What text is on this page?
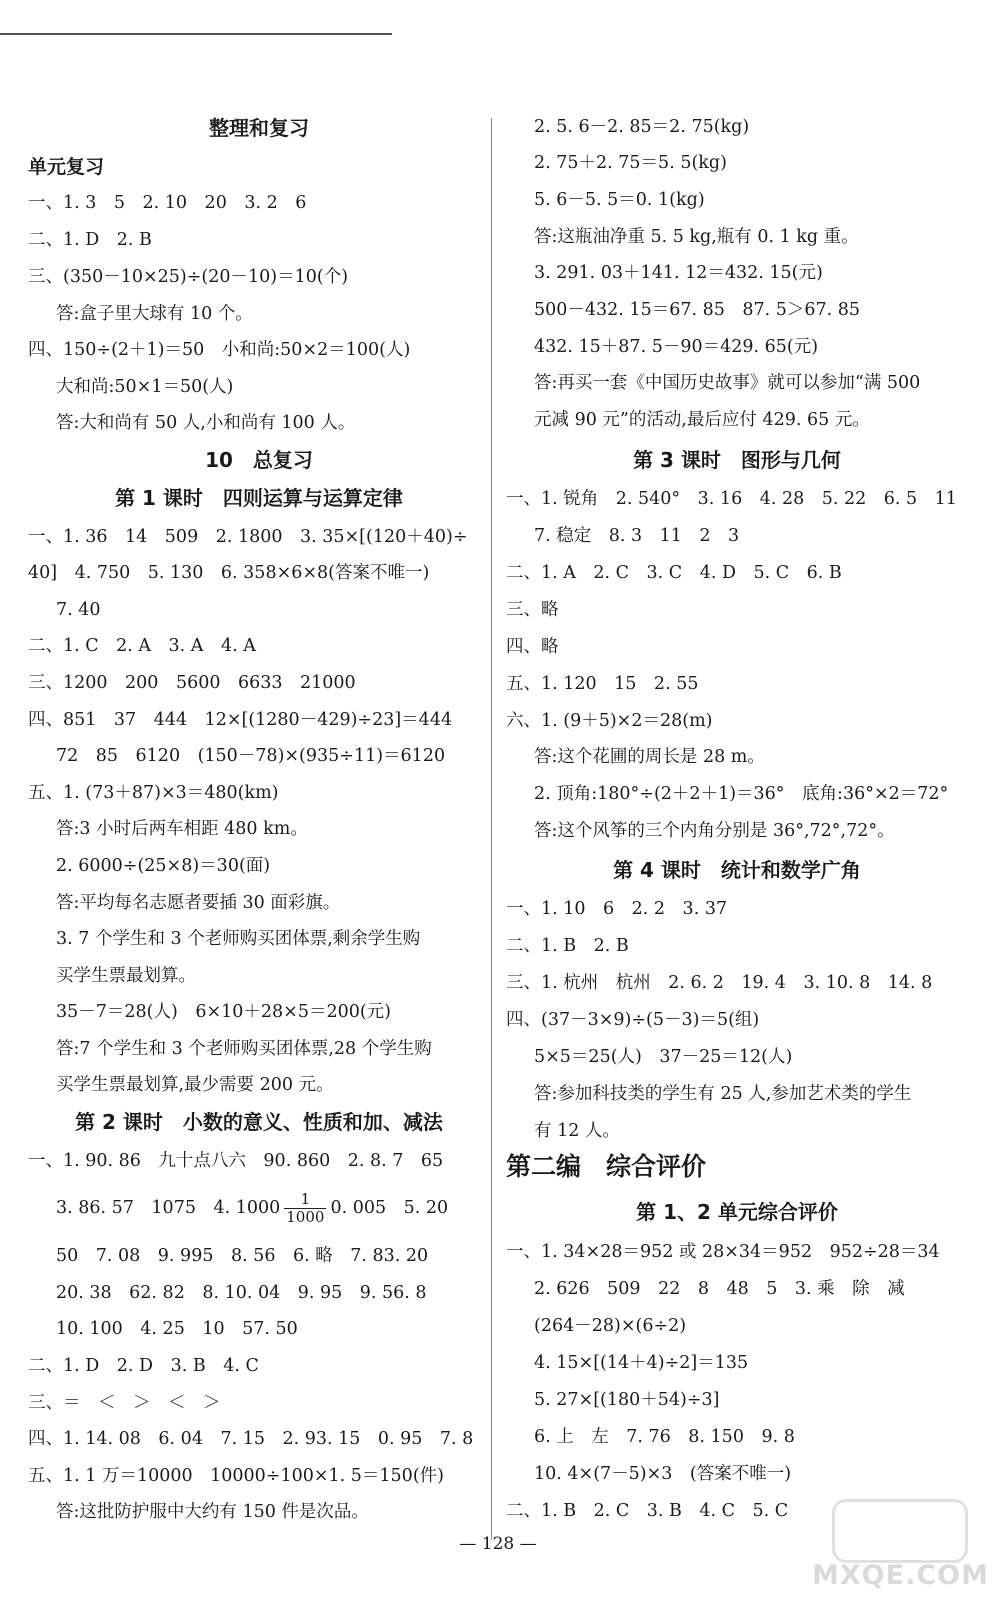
整理和复习
单元复习
一、1. 3　5　2. 10　20　3. 2　6
二、1. D　2. B
三、(350－10×25)÷(20－10)＝10(个)
答:盒子里大球有 10 个。
四、150÷(2＋1)＝50　小和尚:50×2＝100(人)
大和尚:50×1＝50(人)
答:大和尚有 50 人,小和尚有 100 人。
10　总复习
第 1 课时　四则运算与运算定律
一、1. 36　14　509　2. 1800　3. 35×[(120＋40)÷
40]　4. 750　5. 130　6. 358×6×8(答案不唯一)
7. 40
二、1. C　2. A　3. A　4. A
三、1200　200　5600　6633　21000
四、851　37　444　12×[(1280－429)÷23]＝444
72　85　6120　(150－78)×(935÷11)＝6120
五、1. (73＋87)×3＝480(km)
答:3 小时后两车相距 480 km。
2. 6000÷(25×8)＝30(面)
答:平均每名志愿者要插 30 面彩旗。
3. 7 个学生和 3 个老师购买团体票,剩余学生购
买学生票最划算。
35－7＝28(人)　6×10＋28×5＝200(元)
答:7 个学生和 3 个老师购买团体票,28 个学生购
买学生票最划算,最少需要 200 元。
第 2 课时　小数的意义、性质和加、减法
一、1. 90. 86　九十点八六　90. 860　2. 8. 7　65
3. 86. 57　1075　4. $1000 \frac{1}{1000} 0$. 005　5. 20
50　7. 08　9. 995　8. 56　6. 略　7. 83. 20
20. 38　62. 82　8. 10. 04　9. 95　9. 56. 8
10. 100　4. 25　10　57. 50
二、1. D　2. D　3. B　4. C
三、＝　＜　＞　＜　＞
四、1. 14. 08　6. 04　7. 15　2. 93. 15　0. 95　7. 8
五、1. 1 万＝10000　10000÷100×1. 5＝150(件)
答:这批防护服中大约有 150 件是次品。
2. 5. 6－2. 85＝2. 75(kg)
2. 75＋2. 75＝5. 5(kg)
5. 6－5. 5＝0. 1(kg)
答:这瓶油净重 5. 5 kg,瓶有 0. 1 kg 重。
3. 291. 03＋141. 12＝432. 15(元)
500－432. 15＝67. 85　87. 5＞67. 85
432. 15＋87. 5－90＝429. 65(元)
答:再买一套《中国历史故事》就可以参加“满 500
元减 90 元”的活动,最后应付 429. 65 元。
第 3 课时　图形与几何
一、1. 锐角　2. 540°　3. 16　4. 28　5. 22　6. 5　11
7. 稳定　8. 3　11　2　3
二、1. A　2. C　3. C　4. D　5. C　6. B
三、略
四、略
五、1. 120　15　2. 55
六、1. (9＋5)×2＝28(m)
答:这个花圃的周长是 28 m。
2. 顶角:180°÷(2＋2＋1)＝36°　底角:36°×2＝72°
答:这个风筝的三个内角分别是 36°,72°,72°。
第 4 课时　统计和数学广角
一、1. 10　6　2. 2　3. 37
二、1. B　2. B
三、1. 杭州　杭州　2. 6. 2　19. 4　3. 10. 8　14. 8
四、(37－3×9)÷(5－3)＝5(组)
5×5＝25(人)　37－25＝12(人)
答:参加科技类的学生有 25 人,参加艺术类的学生
有 12 人。
第二编　综合评价
第 1、2 单元综合评价
一、1. 34×28＝952 或 28×34＝952　952÷28＝34
2. 626　509　22　8　48　5　3. 乘　除　减
(264－28)×(6÷2)
4. 15×[(14＋4)÷2]＝135
5. 27×[(180＋54)÷3]
6. 上　左　7. 76　8. 150　9. 8
10. 4×(7－5)×3　(答案不唯一)
二、1. B　2. C　3. B　4. C　5. C
— 128 —
MXQE.COM
